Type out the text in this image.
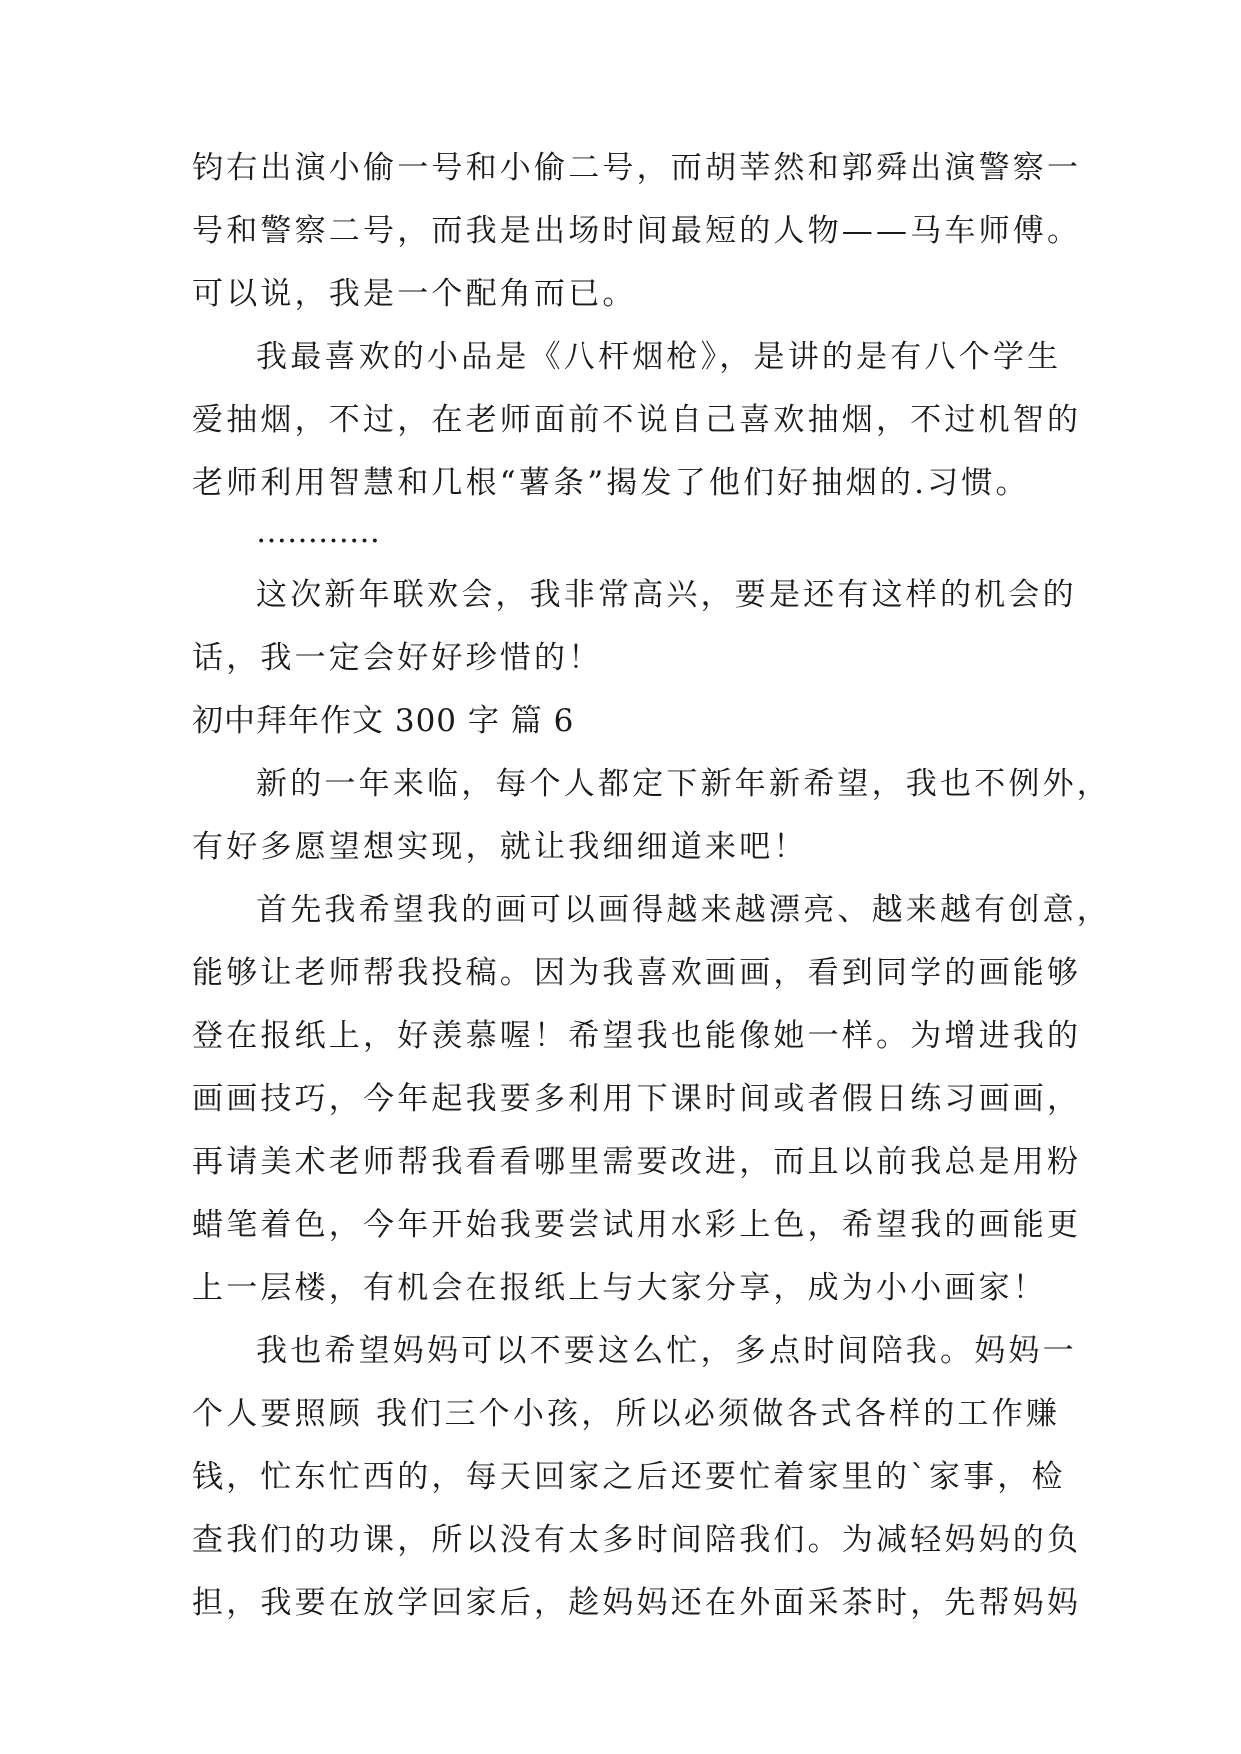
钧右出演小偷一号和小偷二号，而胡莘然和郭舜出演警察一
号和警察二号，而我是出场时间最短的人物——马车师傅。
可以说，我是一个配角而已。
我最喜欢的小品是《八杆烟枪》，是讲的是有八个学生
爱抽烟，不过，在老师面前不说自己喜欢抽烟，不过机智的
老师利用智慧和几根“薯条”揭发了他们好抽烟的.习惯。
…………
这次新年联欢会，我非常高兴，要是还有这样的机会的
话，我一定会好好珍惜的！
初中拜年作文 300 字 篇 6
新的一年来临，每个人都定下新年新希望，我也不例外，
有好多愿望想实现，就让我细细道来吧！
首先我希望我的画可以画得越来越漂亮、越来越有创意，
能够让老师帮我投稿。因为我喜欢画画，看到同学的画能够
登在报纸上，好羡慕喔！希望我也能像她一样。为增进我的
画画技巧，今年起我要多利用下课时间或者假日练习画画，
再请美术老师帮我看看哪里需要改进，而且以前我总是用粉
蜡笔着色，今年开始我要尝试用水彩上色，希望我的画能更
上一层楼，有机会在报纸上与大家分享，成为小小画家！
我也希望妈妈可以不要这么忙，多点时间陪我。妈妈一
个人要照顾 我们三个小孩，所以必须做各式各样的工作赚
钱，忙东忙西的，每天回家之后还要忙着家里的`家事，检
查我们的功课，所以没有太多时间陪我们。为减轻妈妈的负
担，我要在放学回家后，趁妈妈还在外面采茶时，先帮妈妈
